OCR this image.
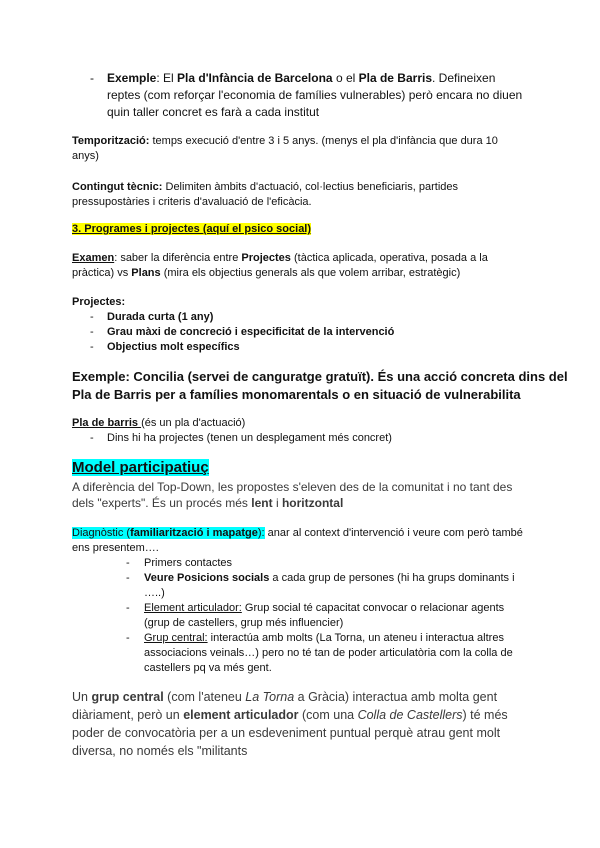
- Exemple: El Pla d'Infància de Barcelona o el Pla de Barris. Defineixen
reptes (com reforçar l'economia de famílies vulnerables) però encara no diuen
quin taller concret es farà a cada institut
Temporització: temps execució d'entre 3 i 5 anys. (menys el pla d'infància que dura 10
anys)
Contingut tècnic: Delimiten àmbits d'actuació, col·lectius beneficiaris, partides
pressupostàries i criteris d'avaluació de l'eficàcia.
3. Programes i projectes (aquí el psico social)
Examen: saber la diferència entre Projectes (tàctica aplicada, operativa, posada a la
pràctica) vs Plans (mira els objectius generals als que volem arribar, estratègic)
Projectes:
- Durada curta (1 any)
- Grau màxi de concreció i especificitat de la intervenció
- Objectius molt específics
Exemple: Concilia (servei de canguratge gratuït). És una acció concreta dins del
Pla de Barris per a famílies monomarentals o en situació de vulnerabilita
Pla de barris (és un pla d'actuació)
- Dins hi ha projectes (tenen un desplegament més concret)
Model participatiuç
A diferència del Top-Down, les propostes s'eleven des de la comunitat i no tant des
dels "experts". És un procés més lent i horitzontal
Diagnòstic (familiarització i mapatge): anar al context d'intervenció i veure com però també
ens presentem….
- Primers contactes
- Veure Posicions socials a cada grup de persones (hi ha grups dominants i
…..)
- Element articulador: Grup social té capacitat convocar o relacionar agents
(grup de castellers, grup més influencier)
- Grup central: interactúa amb molts (La Torna, un ateneu i interactua altres
associacions veinals…) pero no té tan de poder articulatòria com la colla de
castellers pq va més gent.
Un grup central (com l'ateneu La Torna a Gràcia) interactua amb molta gent
diàriament, però un element articulador (com una Colla de Castellers) té més
poder de convocatòria per a un esdeveniment puntual perquè atrau gent molt
diversa, no només els "militants
